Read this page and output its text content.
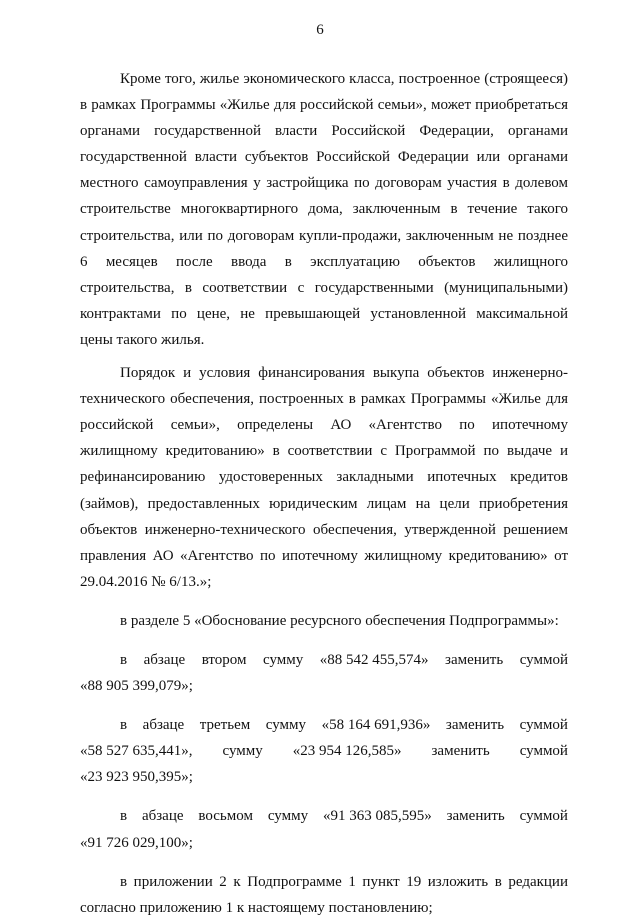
6
Кроме того, жилье экономического класса, построенное (строящееся)
в рамках Программы «Жилье для российской семьи», может приобретаться
органами государственной власти Российской Федерации, органами
государственной власти субъектов Российской Федерации или органами
местного самоуправления у застройщика по договорам участия в долевом
строительстве многоквартирного дома, заключенным в течение такого
строительства, или по договорам купли-продажи, заключенным не позднее
6 месяцев после ввода в эксплуатацию объектов жилищного
строительства, в соответствии с государственными (муниципальными)
контрактами по цене, не превышающей установленной максимальной
цены такого жилья.
Порядок и условия финансирования выкупа объектов инженерно-
технического обеспечения, построенных в рамках Программы «Жилье для
российской семьи», определены АО «Агентство по ипотечному
жилищному кредитованию» в соответствии с Программой по выдаче и
рефинансированию удостоверенных закладными ипотечных кредитов
(займов), предоставленных юридическим лицам на цели приобретения
объектов инженерно-технического обеспечения, утвержденной решением
правления АО «Агентство по ипотечному жилищному кредитованию» от
29.04.2016 № 6/13.»;
в разделе 5 «Обоснование ресурсного обеспечения Подпрограммы»:
в абзаце втором сумму «88 542 455,574» заменить суммой
«88 905 399,079»;
в абзаце третьем сумму «58 164 691,936» заменить суммой
«58 527 635,441», сумму «23 954 126,585» заменить суммой
«23 923 950,395»;
в абзаце восьмом сумму «91 363 085,595» заменить суммой
«91 726 029,100»;
в приложении 2 к Подпрограмме 1 пункт 19 изложить в редакции
согласно приложению 1 к настоящему постановлению;
